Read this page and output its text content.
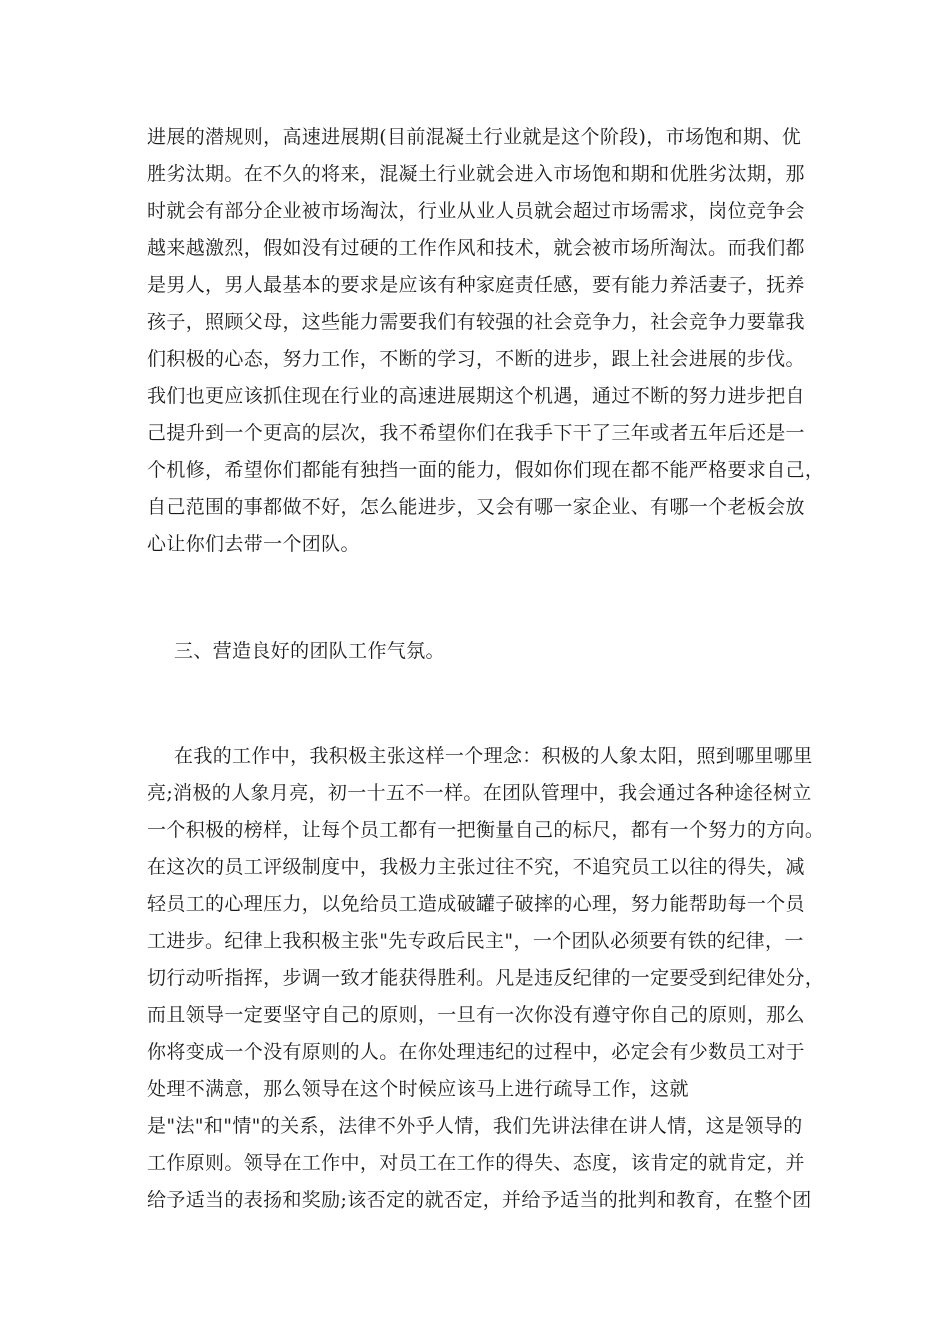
进展的潜规则，高速进展期(目前混凝土行业就是这个阶段)，市场饱和期、优

胜劣汰期。在不久的将来，混凝土行业就会进入市场饱和期和优胜劣汰期，那

时就会有部分企业被市场淘汰，行业从业人员就会超过市场需求，岗位竞争会

越来越激烈，假如没有过硬的工作作风和技术，就会被市场所淘汰。而我们都

是男人，男人最基本的要求是应该有种家庭责任感，要有能力养活妻子，抚养

孩子，照顾父母，这些能力需要我们有较强的社会竞争力，社会竞争力要靠我

们积极的心态，努力工作，不断的学习，不断的进步，跟上社会进展的步伐。

我们也更应该抓住现在行业的高速进展期这个机遇，通过不断的努力进步把自

己提升到一个更高的层次，我不希望你们在我手下干了三年或者五年后还是一

个机修，希望你们都能有独挡一面的能力，假如你们现在都不能严格要求自己，

自己范围的事都做不好，怎么能进步，又会有哪一家企业、有哪一个老板会放

心让你们去带一个团队。

三、营造良好的团队工作气氛。

在我的工作中，我积极主张这样一个理念：积极的人象太阳，照到哪里哪里

亮;消极的人象月亮，初一十五不一样。在团队管理中，我会通过各种途径树立

一个积极的榜样，让每个员工都有一把衡量自己的标尺，都有一个努力的方向。

在这次的员工评级制度中，我极力主张过往不究，不追究员工以往的得失，减

轻员工的心理压力，以免给员工造成破罐子破摔的心理，努力能帮助每一个员

工进步。纪律上我积极主张"先专政后民主"，一个团队必须要有铁的纪律，一

切行动听指挥，步调一致才能获得胜利。凡是违反纪律的一定要受到纪律处分，

而且领导一定要坚守自己的原则，一旦有一次你没有遵守你自己的原则，那么

你将变成一个没有原则的人。在你处理违纪的过程中，必定会有少数员工对于

处理不满意，那么领导在这个时候应该马上进行疏导工作，这就

是"法"和"情"的关系，法律不外乎人情，我们先讲法律在讲人情，这是领导的

工作原则。领导在工作中，对员工在工作的得失、态度，该肯定的就肯定，并

给予适当的表扬和奖励;该否定的就否定，并给予适当的批判和教育，在整个团
